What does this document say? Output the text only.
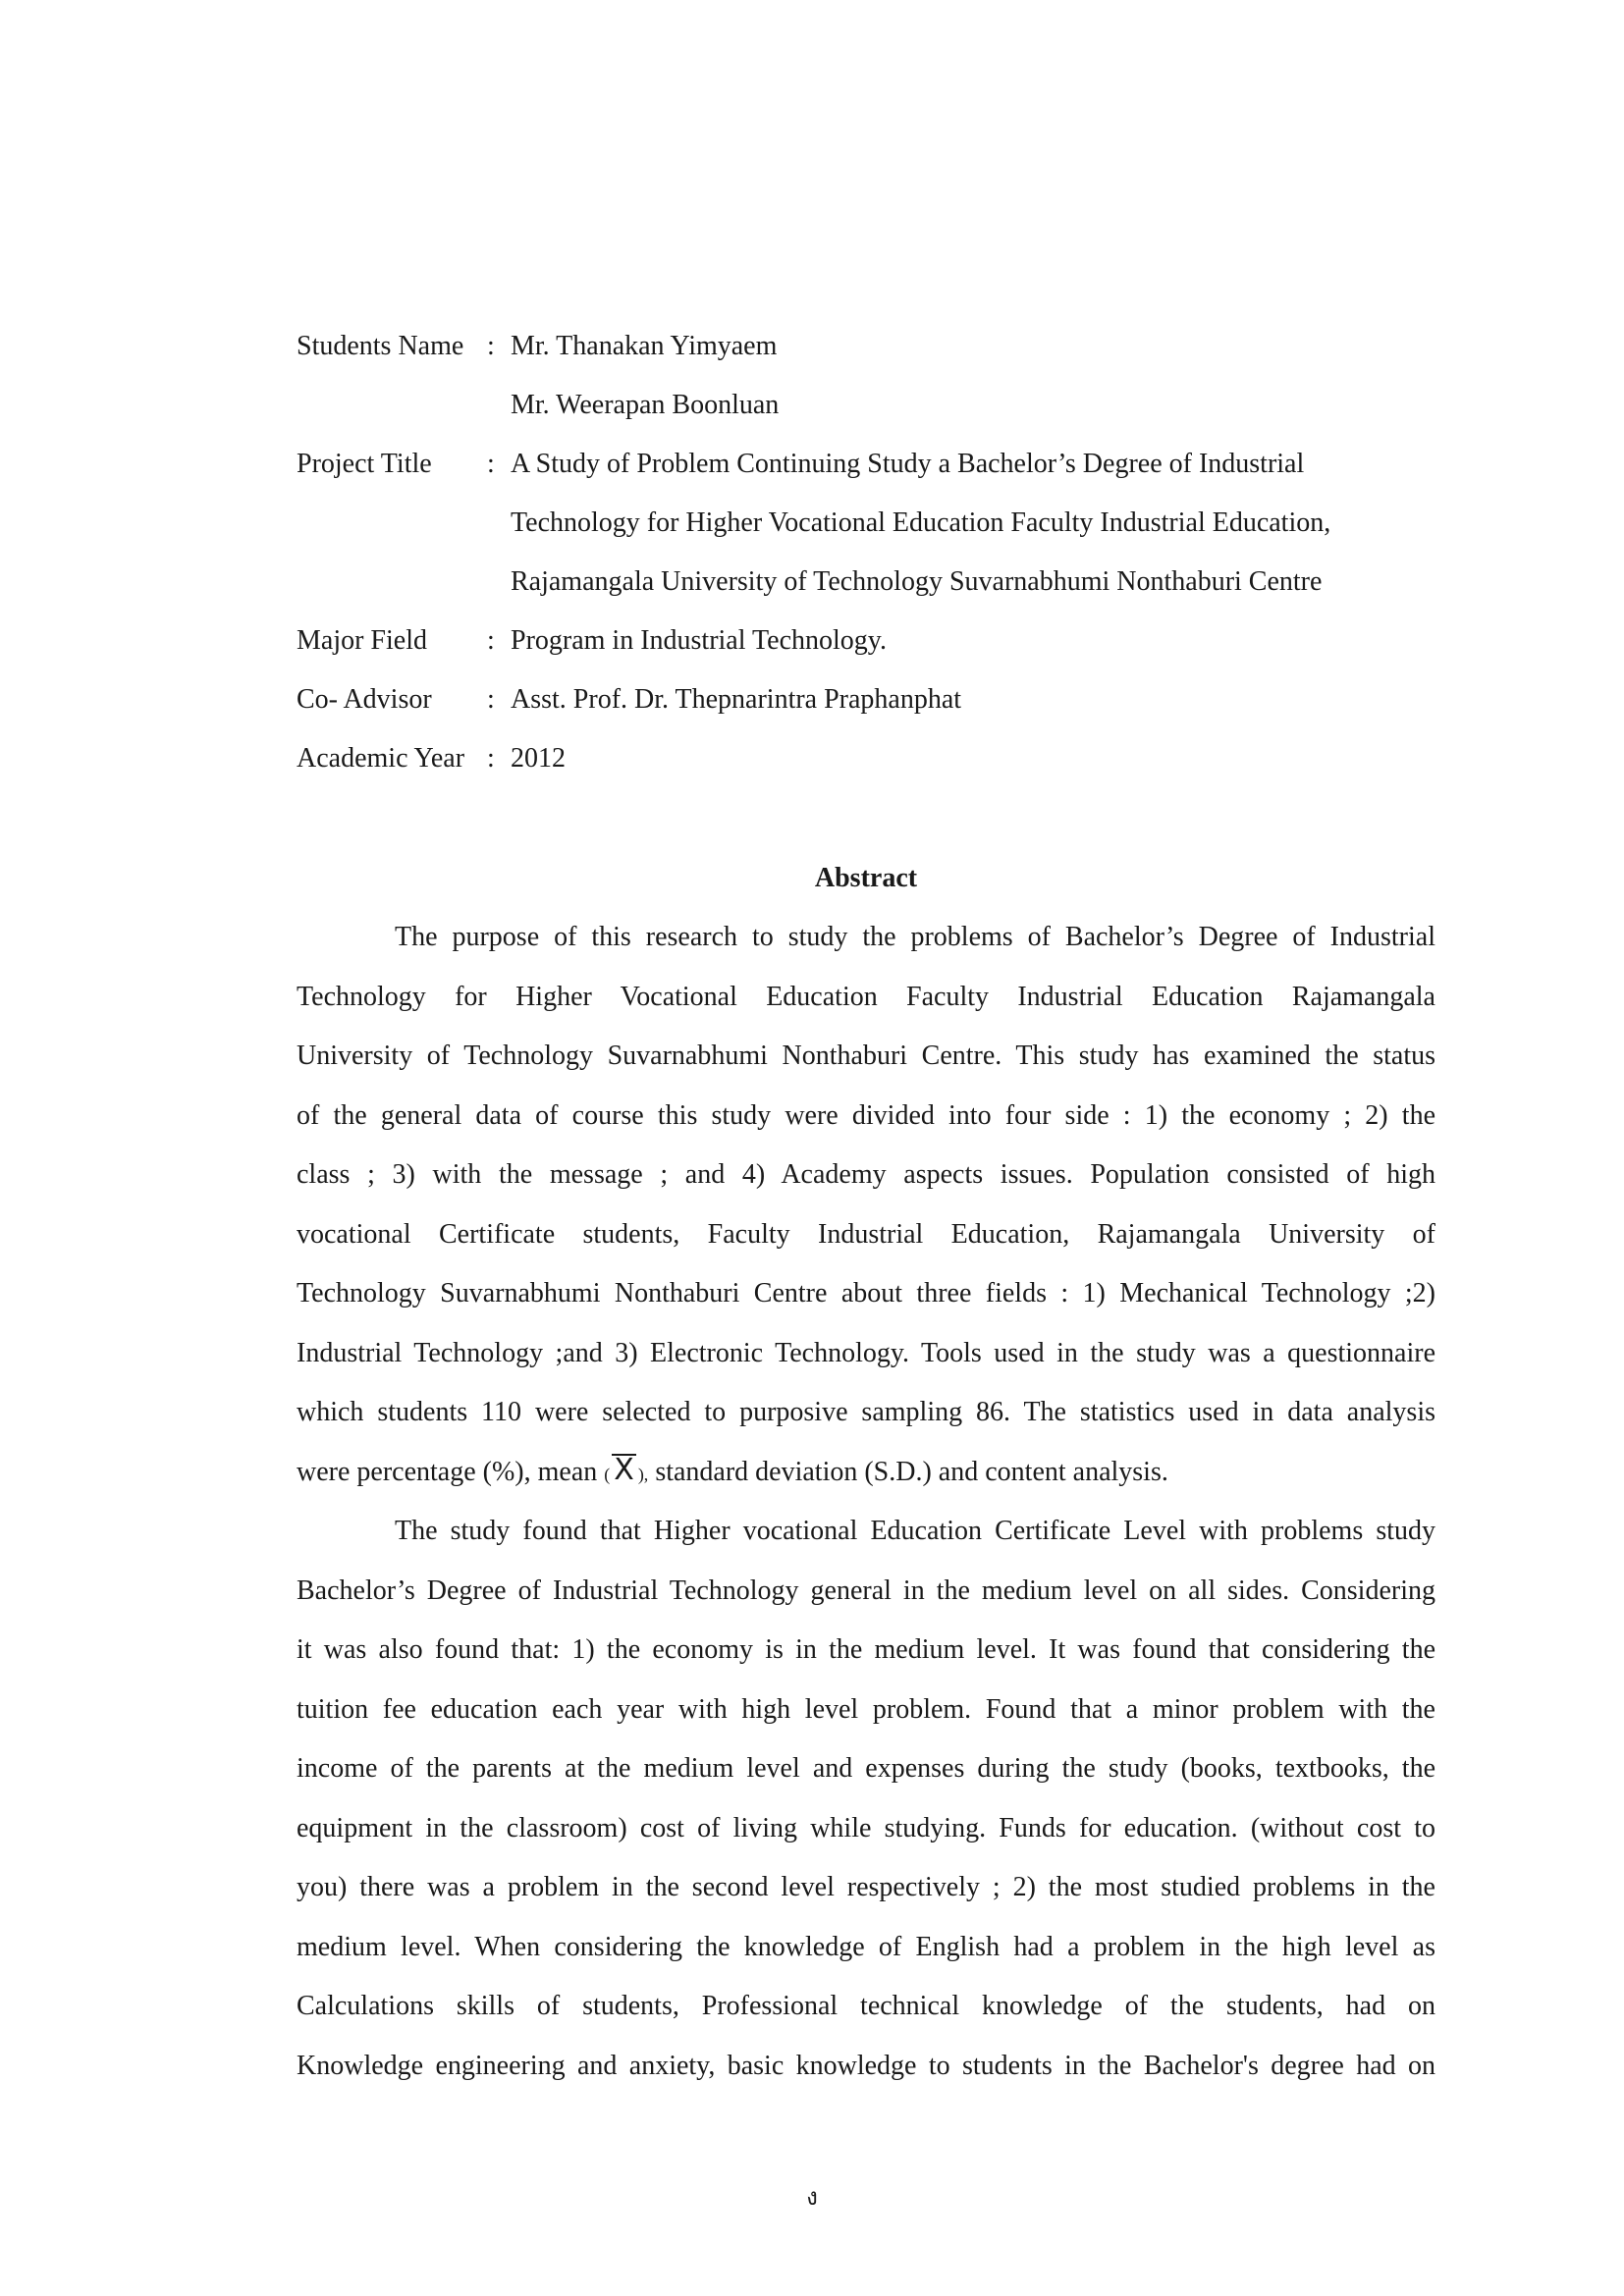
Students Name : Mr. Thanakan Yimyaem
Mr. Weerapan Boonluan
Project Title : A Study of Problem Continuing Study a Bachelor’s Degree of Industrial
Technology for Higher Vocational Education Faculty Industrial Education,
Rajamangala University of Technology Suvarnabhumi Nonthaburi Centre
Major Field : Program in Industrial Technology.
Co- Advisor : Asst. Prof. Dr. Thepnarintra Praphanphat
Academic Year : 2012
Abstract
The purpose of this research to study the problems of Bachelor’s Degree of Industrial
Technology for Higher Vocational Education Faculty Industrial Education Rajamangala
University of Technology Suvarnabhumi Nonthaburi Centre. This study has examined the status
of the general data of course this study were divided into four side : 1) the economy ; 2) the
class ; 3) with the message ; and 4) Academy aspects issues. Population consisted of high
vocational Certificate students, Faculty Industrial Education, Rajamangala University of
Technology Suvarnabhumi Nonthaburi Centre about three fields : 1) Mechanical Technology ;2)
Industrial Technology ;and 3) Electronic Technology. Tools used in the study was a questionnaire
which students 110 were selected to purposive sampling 86. The statistics used in data analysis
were percentage (%), mean ( X ), standard deviation (S.D.) and content analysis.
The study found that Higher vocational Education Certificate Level with problems study
Bachelor’s Degree of Industrial Technology general in the medium level on all sides. Considering
it was also found that: 1) the economy is in the medium level. It was found that considering the
tuition fee education each year with high level problem. Found that a minor problem with the
income of the parents at the medium level and expenses during the study (books, textbooks, the
equipment in the classroom) cost of living while studying. Funds for education. (without cost to
you) there was a problem in the second level respectively ; 2) the most studied problems in the
medium level. When considering the knowledge of English had a problem in the high level as
Calculations skills of students, Professional technical knowledge of the students, had on
Knowledge engineering and anxiety, basic knowledge to students in the Bachelor's degree had on
ง
